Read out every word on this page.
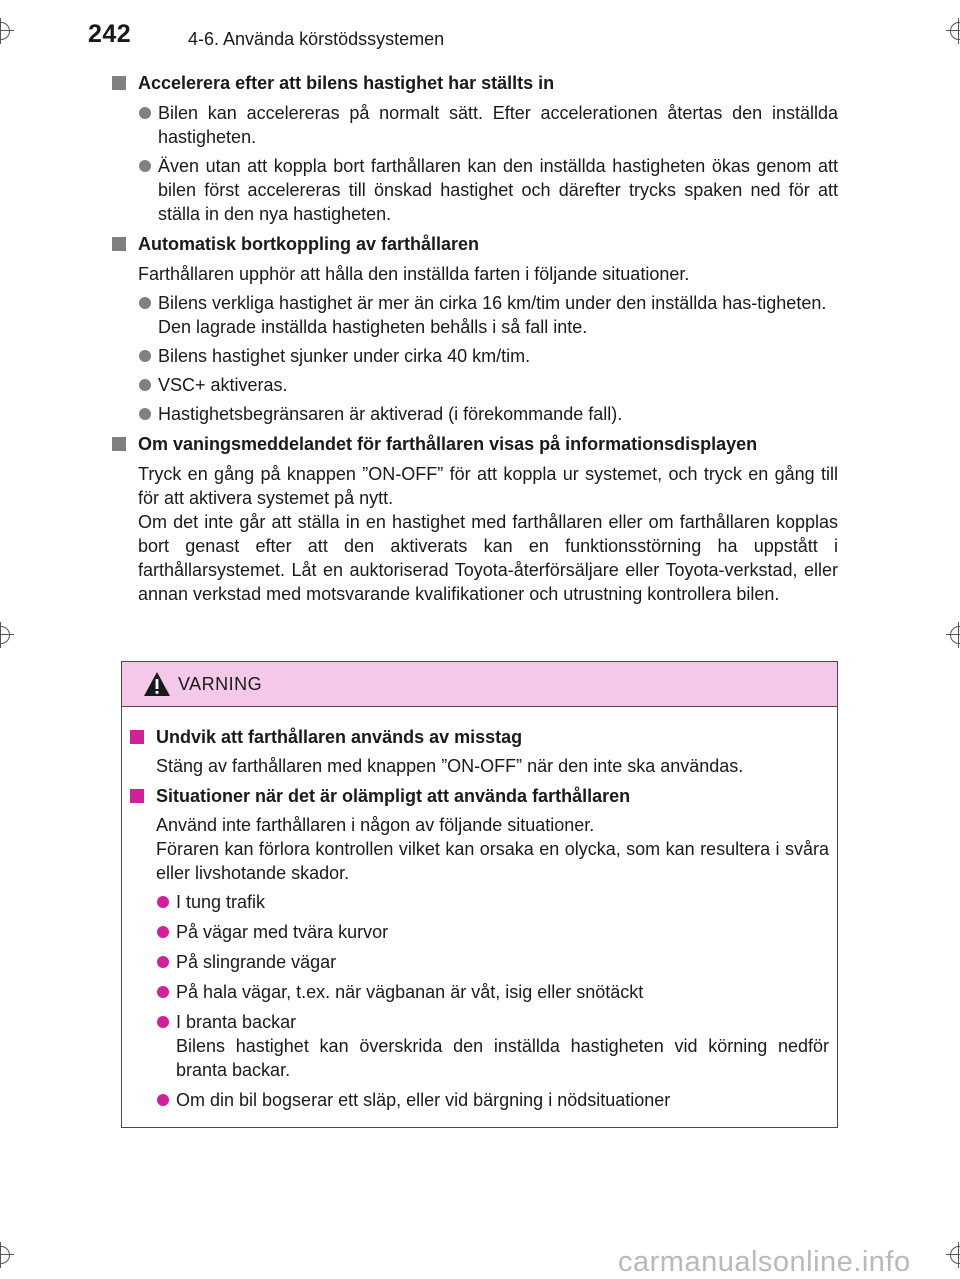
242	4-6. Använda körstödssystemen
Accelerera efter att bilens hastighet har ställts in
Bilen kan accelereras på normalt sätt. Efter accelerationen återtas den inställda hastigheten.
Även utan att koppla bort farthållaren kan den inställda hastigheten ökas genom att bilen först accelereras till önskad hastighet och därefter trycks spaken ned för att ställa in den nya hastigheten.
Automatisk bortkoppling av farthållaren
Farthållaren upphör att hålla den inställda farten i följande situationer.
Bilens verkliga hastighet är mer än cirka 16 km/tim under den inställda has-tigheten.
Den lagrade inställda hastigheten behålls i så fall inte.
Bilens hastighet sjunker under cirka 40 km/tim.
VSC+ aktiveras.
Hastighetsbegränsaren är aktiverad (i förekommande fall).
Om vaningsmeddelandet för farthållaren visas på informationsdisplayen
Tryck en gång på knappen ”ON-OFF” för att koppla ur systemet, och tryck en gång till för att aktivera systemet på nytt.
Om det inte går att ställa in en hastighet med farthållaren eller om farthållaren kopplas bort genast efter att den aktiverats kan en funktionsstörning ha uppstått i farthållarsystemet. Låt en auktoriserad Toyota-återförsäljare eller Toyota-verkstad, eller annan verkstad med motsvarande kvalifikationer och utrustning kontrollera bilen.
VARNING
Undvik att farthållaren används av misstag
Stäng av farthållaren med knappen ”ON-OFF” när den inte ska användas.
Situationer när det är olämpligt att använda farthållaren
Använd inte farthållaren i någon av följande situationer.
Föraren kan förlora kontrollen vilket kan orsaka en olycka, som kan resultera i svåra eller livshotande skador.
I tung trafik
På vägar med tvära kurvor
På slingrande vägar
På hala vägar, t.ex. när vägbanan är våt, isig eller snötäckt
I branta backar
Bilens hastighet kan överskrida den inställda hastigheten vid körning nedför branta backar.
Om din bil bogserar ett släp, eller vid bärgning i nödsituationer
carmanualsonline.info
